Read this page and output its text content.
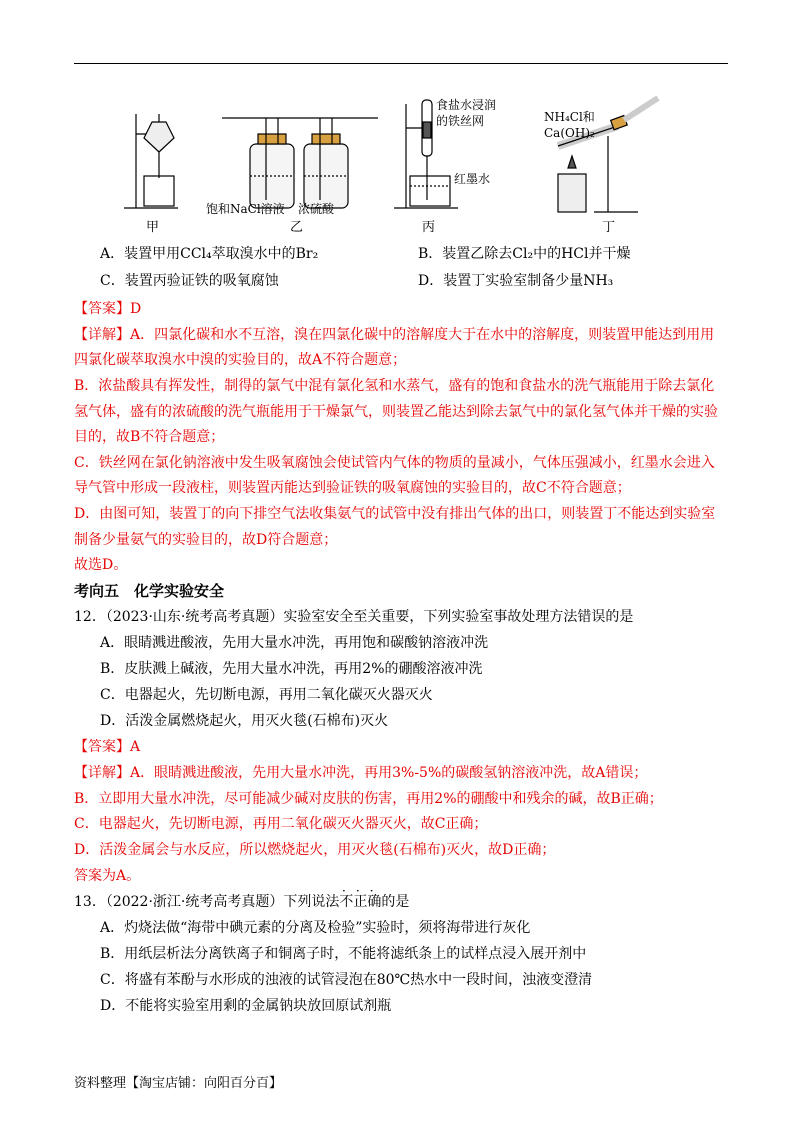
甲	乙	丙	丁
饱和NaCl溶液 浓硫酸
食盐水浸润
的铁丝网
红墨水
NH₄Cl和
Ca(OH)₂
A．装置甲用CCl₄萃取溴水中的Br₂	B．装置乙除去Cl₂中的HCl并干燥
C．装置丙验证铁的吸氧腐蚀	D．装置丁实验室制备少量NH₃
【答案】D
【详解】A．四氯化碳和水不互溶，溴在四氯化碳中的溶解度大于在水中的溶解度，则装置甲能达到用用
四氯化碳萃取溴水中溴的实验目的，故A不符合题意；
B．浓盐酸具有挥发性，制得的氯气中混有氯化氢和水蒸气，盛有的饱和食盐水的洗气瓶能用于除去氯化
氢气体，盛有的浓硫酸的洗气瓶能用于干燥氯气，则装置乙能达到除去氯气中的氯化氢气体并干燥的实验
目的，故B不符合题意；
C．铁丝网在氯化钠溶液中发生吸氧腐蚀会使试管内气体的物质的量减小，气体压强减小，红墨水会进入
导气管中形成一段液柱，则装置丙能达到验证铁的吸氧腐蚀的实验目的，故C不符合题意；
D．由图可知，装置丁的向下排空气法收集氨气的试管中没有排出气体的出口，则装置丁不能达到实验室
制备少量氨气的实验目的，故D符合题意；
故选D。
考向五　化学实验安全
12．（2023·山东·统考高考真题）实验室安全至关重要，下列实验室事故处理方法错误的是
A．眼睛溅进酸液，先用大量水冲洗，再用饱和碳酸钠溶液冲洗
B．皮肤溅上碱液，先用大量水冲洗，再用2%的硼酸溶液冲洗
C．电器起火，先切断电源，再用二氧化碳灭火器灭火
D．活泼金属燃烧起火，用灭火毯(石棉布)灭火
【答案】A
【详解】A．眼睛溅进酸液，先用大量水冲洗，再用3%-5%的碳酸氢钠溶液冲洗，故A错误；
B．立即用大量水冲洗，尽可能减少碱对皮肤的伤害，再用2%的硼酸中和残余的碱，故B正确；
C．电器起火，先切断电源，再用二氧化碳灭火器灭火，故C正确；
D．活泼金属会与水反应，所以燃烧起火，用灭火毯(石棉布)灭火，故D正确；
答案为A。
13．（2022·浙江·统考高考真题）下列说法・ ・ ・ 不正确的是
A．灼烧法做“海带中碘元素的分离及检验”实验时，须将海带进行灰化
B．用纸层析法分离铁离子和铜离子时，不能将滤纸条上的试样点浸入展开剂中
C．将盛有苯酚与水形成的浊液的试管浸泡在80℃热水中一段时间，浊液变澄清
D．不能将实验室用剩的金属钠块放回原试剂瓶
资料整理【淘宝店铺：向阳百分百】
